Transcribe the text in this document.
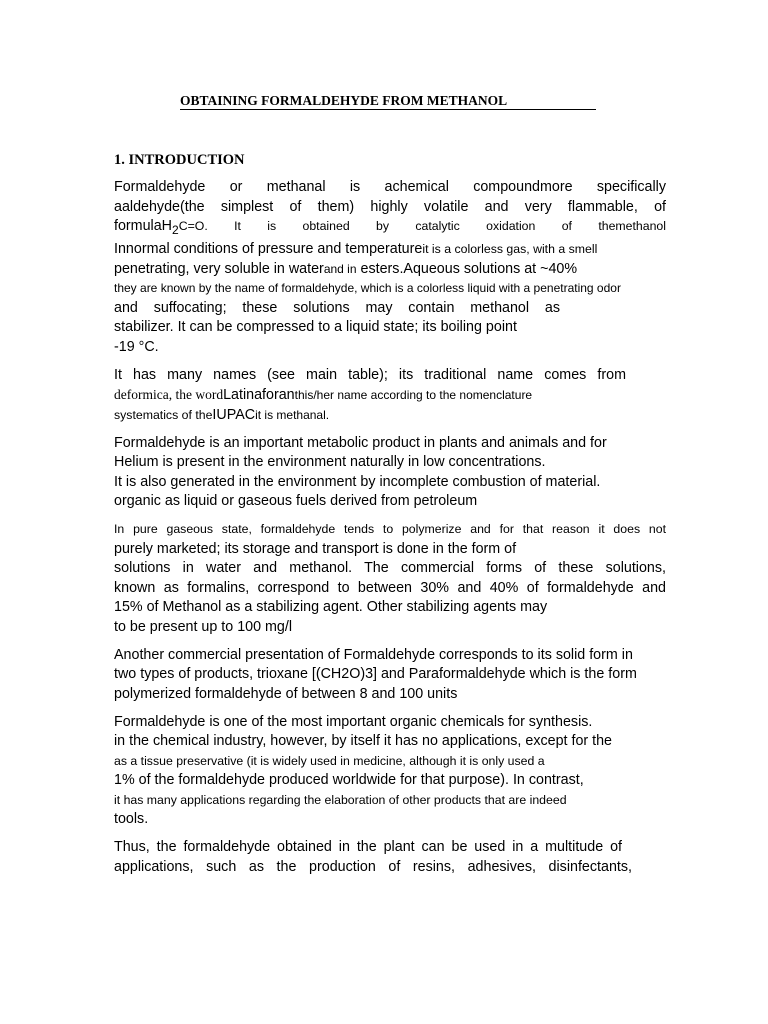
OBTAINING FORMALDEHYDE FROM METHANOL
1. INTRODUCTION

Formaldehyde or methanal is achemical compoundmore specifically
aaldehyde(the simplest of them) highly volatile and very flammable, of
formulaH$_2$C=O. It is obtained by catalytic oxidation of themethanol
Innormal conditions of pressure and temperatureit is a colorless gas, with a smell
penetrating, very soluble in waterand in esters.Aqueous solutions at ~40%
they are known by the name of formaldehyde, which is a colorless liquid with a penetrating odor
and suffocating; these solutions may contain methanol as
stabilizer. It can be compressed to a liquid state; its boiling point
-19 °C.

It has many names (see main table); its traditional name comes from
deformica, the wordLatinaforanthis/her name according to the nomenclature
systematics of theIUPACit is methanal.

Formaldehyde is an important metabolic product in plants and animals and for
Helium is present in the environment naturally in low concentrations.
It is also generated in the environment by incomplete combustion of material.
organic as liquid or gaseous fuels derived from petroleum

In pure gaseous state, formaldehyde tends to polymerize and for that reason it does not
purely marketed; its storage and transport is done in the form of
solutions in water and methanol. The commercial forms of these solutions,
known as formalins, correspond to between 30% and 40% of formaldehyde and
15% of Methanol as a stabilizing agent. Other stabilizing agents may
to be present up to 100 mg/l

Another commercial presentation of Formaldehyde corresponds to its solid form in
two types of products, trioxane [(CH2O)3] and Paraformaldehyde which is the form
polymerized formaldehyde of between 8 and 100 units

Formaldehyde is one of the most important organic chemicals for synthesis.
in the chemical industry, however, by itself it has no applications, except for the
as a tissue preservative (it is widely used in medicine, although it is only used a
1% of the formaldehyde produced worldwide for that purpose). In contrast,
it has many applications regarding the elaboration of other products that are indeed
tools.

Thus, the formaldehyde obtained in the plant can be used in a multitude of
applications, such as the production of resins, adhesives, disinfectants,
